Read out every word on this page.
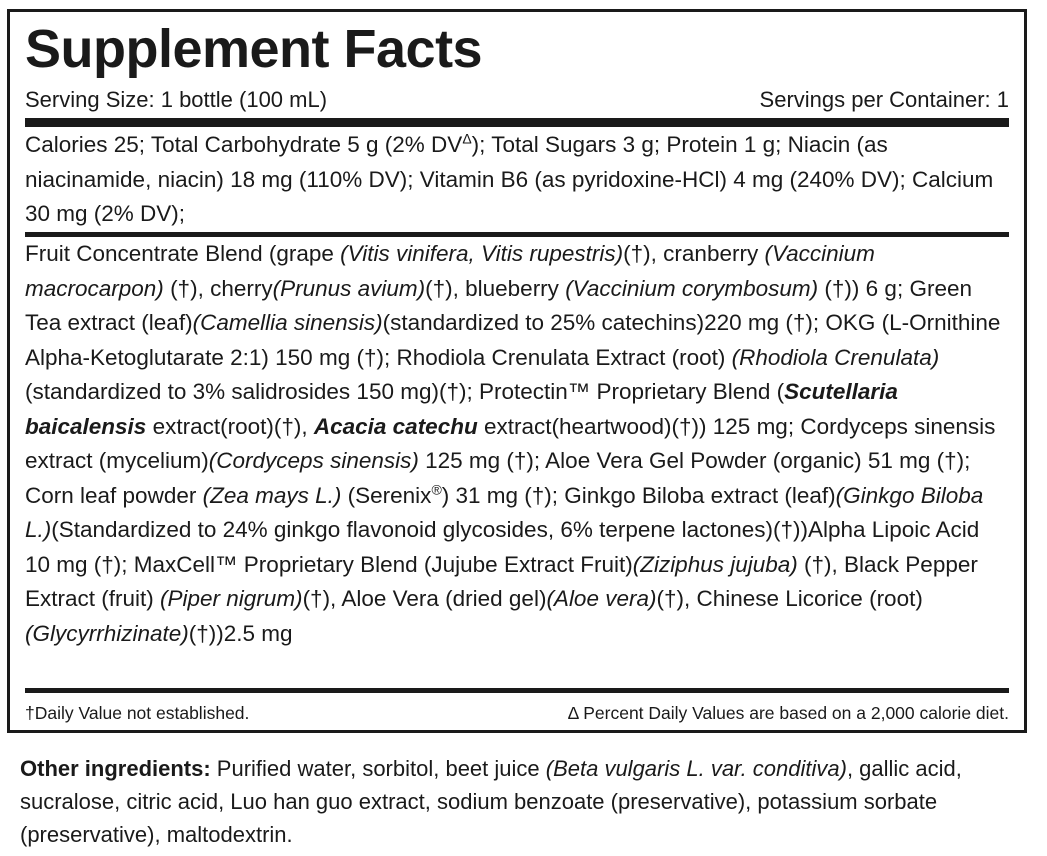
Supplement Facts
Serving Size: 1 bottle (100 mL)	Servings per Container: 1
Calories 25; Total Carbohydrate 5 g (2% $DV^\Delta$); Total Sugars 3 g; Protein 1 g; Niacin (as niacinamide, niacin) 18 mg (110% DV); Vitamin B6 (as pyridoxine-HCl) 4 mg (240% DV); Calcium 30 mg (2% DV);
Fruit Concentrate Blend (grape (Vitis vinifera, Vitis rupestris)(†), cranberry (Vaccinium macrocarpon) (†), cherry(Prunus avium)(†), blueberry (Vaccinium corymbosum) (†)) 6 g; Green Tea extract (leaf)(Camellia sinensis)(standardized to 25% catechins)220 mg (†); OKG (L-Ornithine Alpha-Ketoglutarate 2:1) 150 mg (†); Rhodiola Crenulata Extract (root) (Rhodiola Crenulata) (standardized to 3% salidrosides 150 mg)(†); Protectin™ Proprietary Blend (Scutellaria baicalensis extract(root)(†), Acacia catechu extract(heartwood)(†)) 125 mg; Cordyceps sinensis extract (mycelium)(Cordyceps sinensis) 125 mg (†); Aloe Vera Gel Powder (organic) 51 mg (†); Corn leaf powder (Zea mays L.) (Serenix®) 31 mg (†); Ginkgo Biloba extract (leaf)(Ginkgo Biloba L.)(Standardized to 24% ginkgo flavonoid glycosides, 6% terpene lactones)(†))Alpha Lipoic Acid 10 mg (†); MaxCell™ Proprietary Blend (Jujube Extract Fruit)(Ziziphus jujuba) (†), Black Pepper Extract (fruit) (Piper nigrum)(†), Aloe Vera (dried gel)(Aloe vera)(†), Chinese Licorice (root)(Glycyrrhizinate)(†))2.5 mg
†Daily Value not established.	Δ Percent Daily Values are based on a 2,000 calorie diet.
Other ingredients: Purified water, sorbitol, beet juice (Beta vulgaris L. var. conditiva), gallic acid, sucralose, citric acid, Luo han guo extract, sodium benzoate (preservative), potassium sorbate (preservative), maltodextrin.
